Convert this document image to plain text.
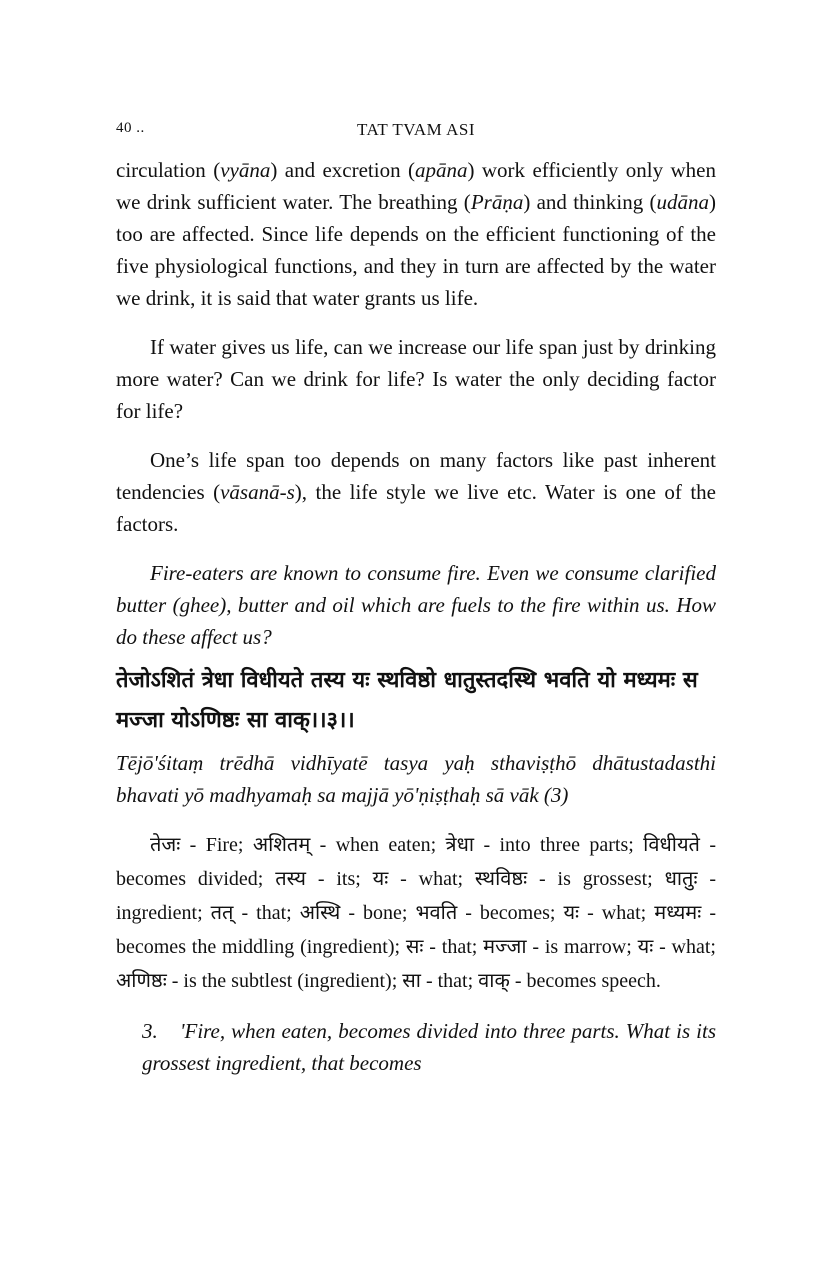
40 ..	TAT TVAM ASI

circulation (vyāna) and excretion (apāna) work efficiently only when we drink sufficient water. The breathing (Prāṇa) and thinking (udāna) too are affected. Since life depends on the efficient functioning of the five physiological functions, and they in turn are affected by the water we drink, it is said that water grants us life.

If water gives us life, can we increase our life span just by drinking more water? Can we drink for life? Is water the only deciding factor for life?

One’s life span too depends on many factors like past inherent tendencies (vāsanā-s), the life style we live etc. Water is one of the factors.

Fire-eaters are known to consume fire. Even we consume clarified butter (ghee), butter and oil which are fuels to the fire within us. How do these affect us?

तेजोऽशितं त्रेधा विधीयते तस्य यः स्थविष्ठो धातुस्तदस्थि भवति यो मध्यमः स मज्जा योऽणिष्ठः सा वाक्।।३।।

Tējō'śitaṃ trēdhā vidhīyatē tasya yaḥ sthaviṣṭhō dhātustadasthi bhavati yō madhyamaḥ sa majjā yō'ṇiṣṭhaḥ sā vāk (3)

तेजः - Fire; अशितम् - when eaten; त्रेधा - into three parts; विधीयते - becomes divided; तस्य - its; यः - what; स्थविष्ठः - is grossest; धातुः - ingredient; तत् - that; अस्थि - bone; भवति - becomes; यः - what; मध्यमः - becomes the middling (ingredient); सः - that; मज्जा - is marrow; यः - what; अणिष्ठः - is the subtlest (ingredient); सा - that; वाक् - becomes speech.

3. 'Fire, when eaten, becomes divided into three parts. What is its grossest ingredient, that becomes
